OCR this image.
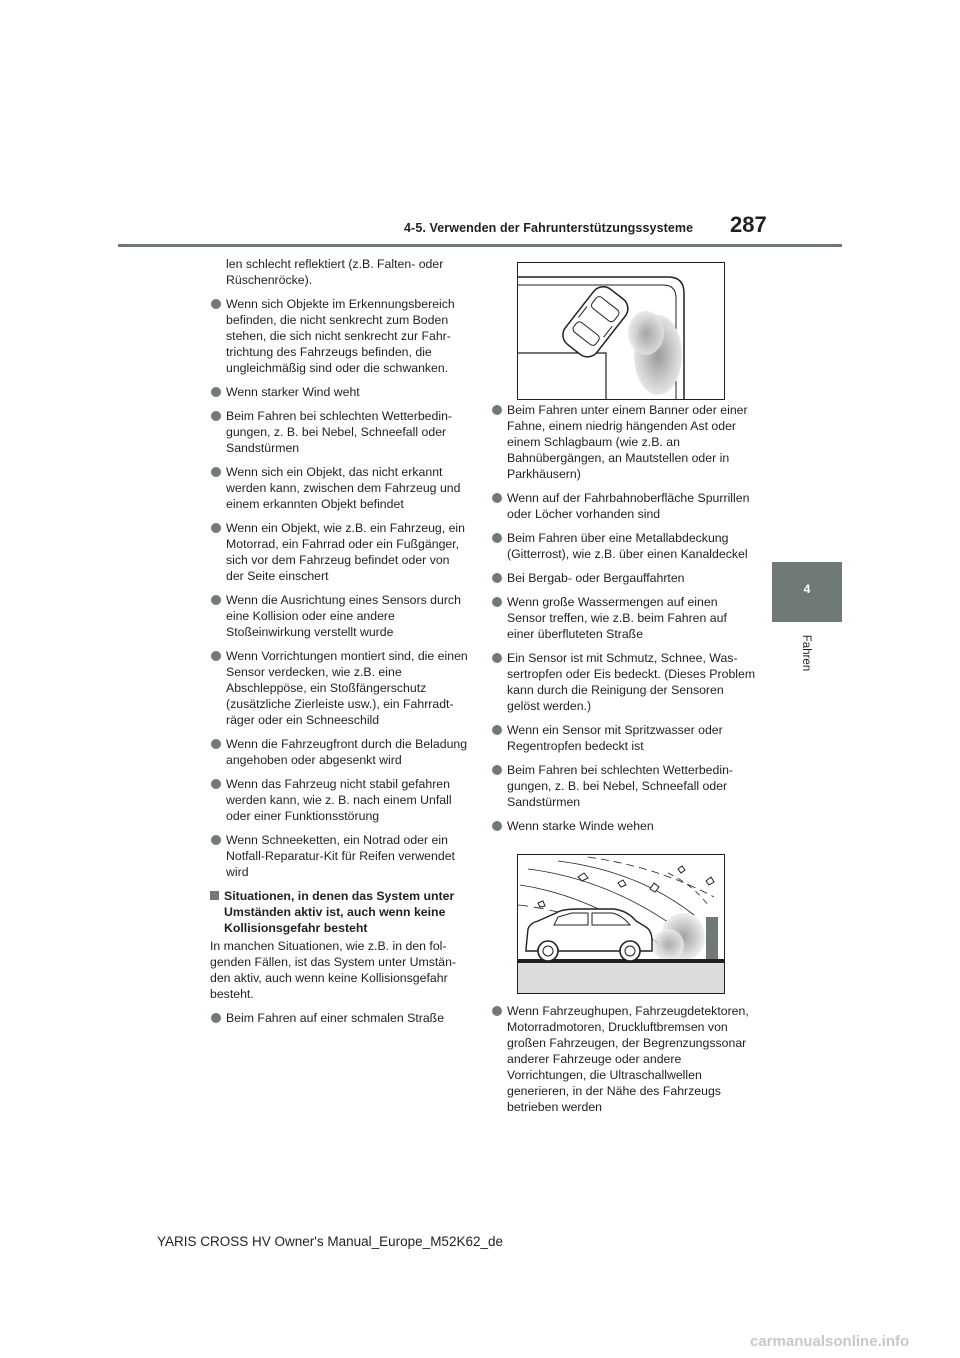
4-5. Verwenden der Fahrunterstützungssysteme 287
4
Fahren
len schlecht reflektiert (z.B. Falten- oder Rüschenröcke).
Wenn sich Objekte im Erkennungsbereich befinden, die nicht senkrecht zum Boden stehen, die sich nicht senkrecht zur Fahrtrichtung des Fahrzeugs befinden, die ungleichmäßig sind oder die schwanken.
Wenn starker Wind weht
Beim Fahren bei schlechten Wetterbedingungen, z. B. bei Nebel, Schneefall oder Sandstürmen
Wenn sich ein Objekt, das nicht erkannt werden kann, zwischen dem Fahrzeug und einem erkannten Objekt befindet
Wenn ein Objekt, wie z.B. ein Fahrzeug, ein Motorrad, ein Fahrrad oder ein Fußgänger, sich vor dem Fahrzeug befindet oder von der Seite einschert
Wenn die Ausrichtung eines Sensors durch eine Kollision oder eine andere Stoßeinwirkung verstellt wurde
Wenn Vorrichtungen montiert sind, die einen Sensor verdecken, wie z.B. eine Abschleppöse, ein Stoßfängerschutz (zusätzliche Zierleiste usw.), ein Fahrradträger oder ein Schneeschild
Wenn die Fahrzeugfront durch die Beladung angehoben oder abgesenkt wird
Wenn das Fahrzeug nicht stabil gefahren werden kann, wie z. B. nach einem Unfall oder einer Funktionsstörung
Wenn Schneeketten, ein Notrad oder ein Notfall-Reparatur-Kit für Reifen verwendet wird
Situationen, in denen das System unter Umständen aktiv ist, auch wenn keine Kollisionsgefahr besteht
In manchen Situationen, wie z.B. in den folgenden Fällen, ist das System unter Umständen aktiv, auch wenn keine Kollisionsgefahr besteht.
Beim Fahren auf einer schmalen Straße
Beim Fahren unter einem Banner oder einer Fahne, einem niedrig hängenden Ast oder einem Schlagbaum (wie z.B. an Bahnübergängen, an Mautstellen oder in Parkhäusern)
Wenn auf der Fahrbahnoberfläche Spurrillen oder Löcher vorhanden sind
Beim Fahren über eine Metallabdeckung (Gitterrost), wie z.B. über einen Kanaldeckel
Bei Bergab- oder Bergauffahrten
Wenn große Wassermengen auf einen Sensor treffen, wie z.B. beim Fahren auf einer überfluteten Straße
Ein Sensor ist mit Schmutz, Schnee, Wassertropfen oder Eis bedeckt. (Dieses Problem kann durch die Reinigung der Sensoren gelöst werden.)
Wenn ein Sensor mit Spritzwasser oder Regentropfen bedeckt ist
Beim Fahren bei schlechten Wetterbedingungen, z. B. bei Nebel, Schneefall oder Sandstürmen
Wenn starke Winde wehen
Wenn Fahrzeughupen, Fahrzeugdetektoren, Motorradmotoren, Druckluftbremsen von großen Fahrzeugen, der Begrenzungssonar anderer Fahrzeuge oder andere Vorrichtungen, die Ultraschallwellen generieren, in der Nähe des Fahrzeugs betrieben werden
YARIS CROSS HV Owner's Manual_Europe_M52K62_de
carmanualsonline.info
